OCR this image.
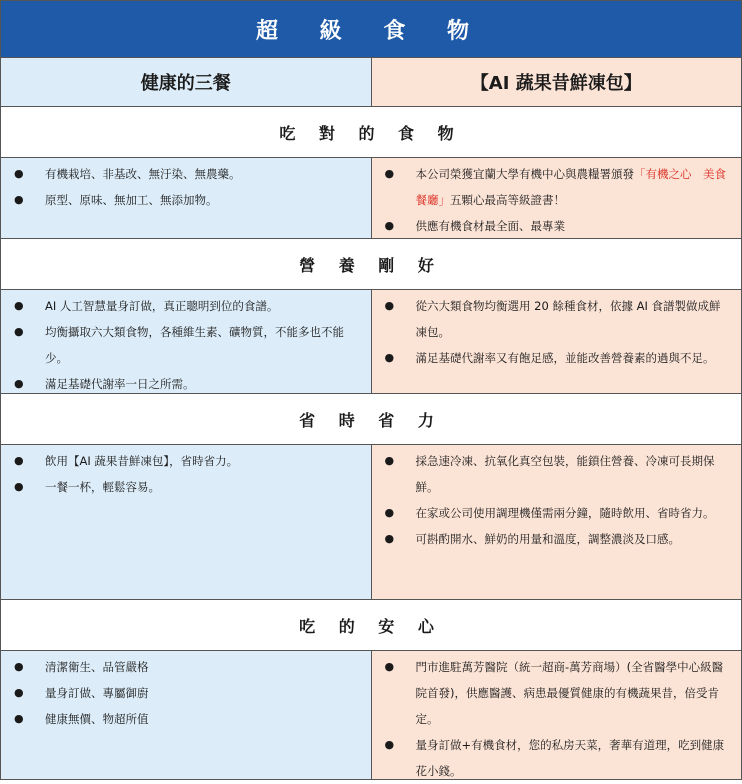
超 級 食 物
健康的三餐	【AI 蔬果昔鮮凍包】
吃 對 的 食 物
● 有機栽培、非基改、無汙染、無農藥。
● 原型、原味、無加工、無添加物。
● 本公司榮獲宜蘭大學有機中心與農糧署頒發「有機之心　美食餐廳」五顆心最高等級證書！
● 供應有機食材最全面、最專業
營 養 剛 好
● AI 人工智慧量身訂做，真正聰明到位的食譜。
● 均衡攝取六大類食物，各種維生素、礦物質，不能多也不能少。
● 滿足基礎代謝率一日之所需。
● 從六大類食物均衡選用 20 餘種食材，依據 AI 食譜製做成鮮凍包。
● 滿足基礎代謝率又有飽足感，並能改善營養素的過與不足。
省 時 省 力
● 飲用【AI 蔬果昔鮮凍包】，省時省力。
● 一餐一杯，輕鬆容易。
● 採急速冷凍、抗氧化真空包裝，能鎖住營養、冷凍可長期保鮮。
● 在家或公司使用調理機僅需兩分鐘，隨時飲用、省時省力。
● 可斟酌開水、鮮奶的用量和溫度，調整濃淡及口感。
吃 的 安 心
● 清潔衛生、品管嚴格
● 量身訂做、專屬御廚
● 健康無價、物超所值
● 門市進駐萬芳醫院（統一超商-萬芳商場）(全省醫學中心級醫院首發)，供應醫護、病患最優質健康的有機蔬果昔，倍受肯定。
● 量身訂做+有機食材，您的私房天菜，奢華有道理，吃到健康花小錢。
